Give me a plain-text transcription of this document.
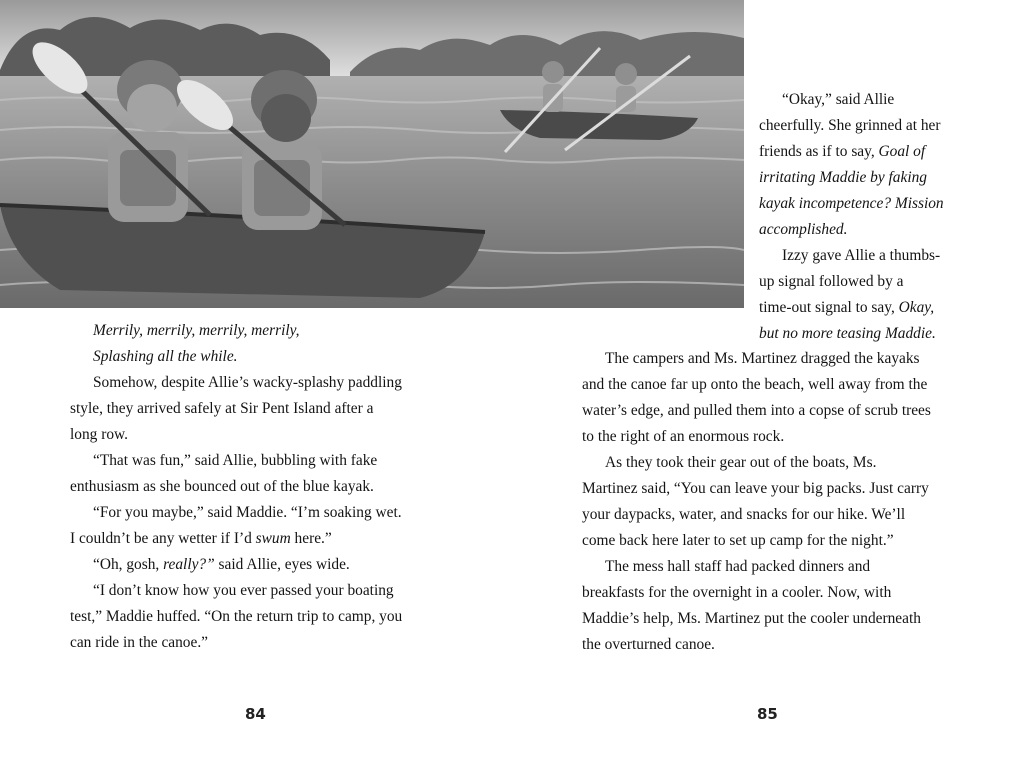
Merrily, merrily, merrily, merrily,

Splashing all the while.

Somehow, despite Allie’s wacky-splashy paddling

style, they arrived safely at Sir Pent Island after a

long row.

“That was fun,” said Allie, bubbling with fake

enthusiasm as she bounced out of the blue kayak.

“For you maybe,” said Maddie. “I’m soaking wet.

I couldn’t be any wetter if I’d swum here.”

“Oh, gosh, really?” said Allie, eyes wide.

“I don’t know how you ever passed your boating

test,” Maddie huffed. “On the return trip to camp, you

can ride in the canoe.”

“Okay,” said Allie

cheerfully. She grinned at her

friends as if to say, Goal of

irritating Maddie by faking

kayak incompetence? Mission

accomplished.

Izzy gave Allie a thumbs-

up signal followed by a

time-out signal to say, Okay,

but no more teasing Maddie.

The campers and Ms. Martinez dragged the kayaks

and the canoe far up onto the beach, well away from the

water’s edge, and pulled them into a copse of scrub trees

to the right of an enormous rock.

As they took their gear out of the boats, Ms.

Martinez said, “You can leave your big packs. Just carry

your daypacks, water, and snacks for our hike. We’ll

come back here later to set up camp for the night.”

The mess hall staff had packed dinners and

breakfasts for the overnight in a cooler. Now, with

Maddie’s help, Ms. Martinez put the cooler underneath

the overturned canoe.

84	85
